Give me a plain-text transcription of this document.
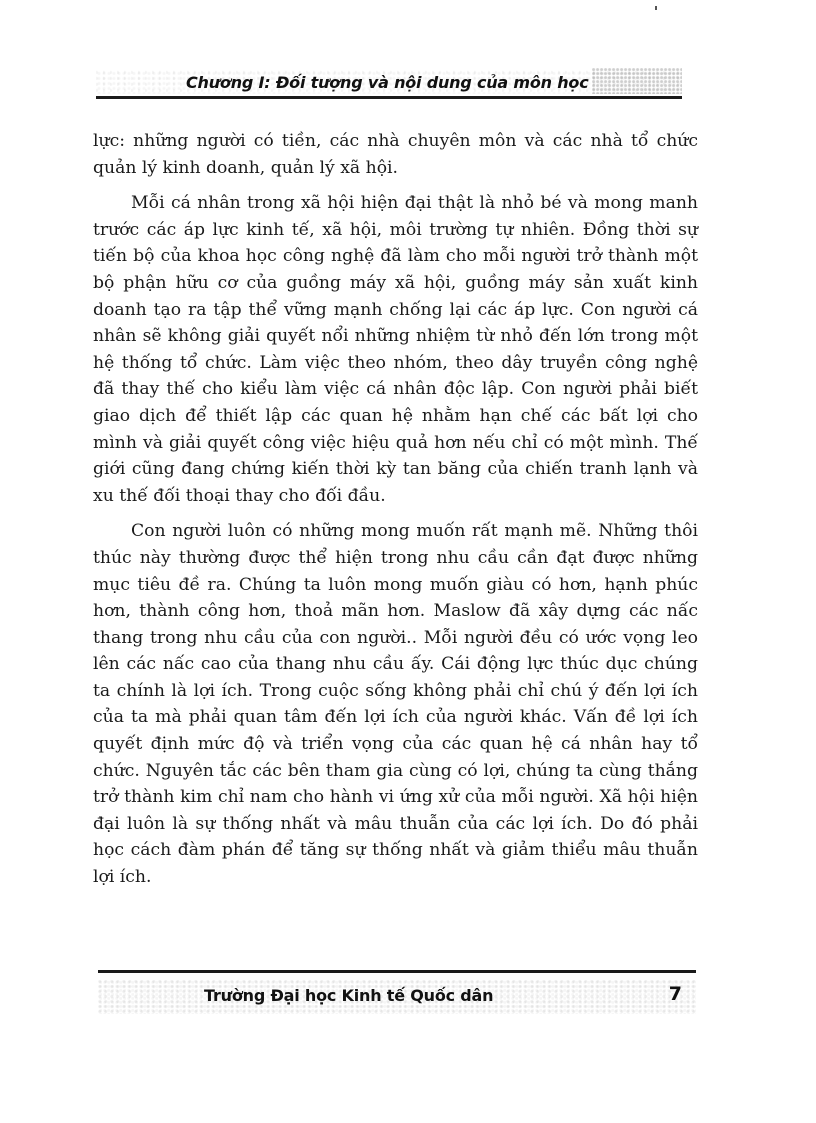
Chương I: Đối tượng và nội dung của môn học

lực: những người có tiền, các nhà chuyên môn và các nhà tổ chức quản lý kinh doanh, quản lý xã hội.

Mỗi cá nhân trong xã hội hiện đại thật là nhỏ bé và mong manh trước các áp lực kinh tế, xã hội, môi trường tự nhiên. Đồng thời sự tiến bộ của khoa học công nghệ đã làm cho mỗi người trở thành một bộ phận hữu cơ của guồng máy xã hội, guồng máy sản xuất kinh doanh tạo ra tập thể vững mạnh chống lại các áp lực. Con người cá nhân sẽ không giải quyết nổi những nhiệm từ nhỏ đến lớn trong một hệ thống tổ chức. Làm việc theo nhóm, theo dây truyền công nghệ đã thay thế cho kiểu làm việc cá nhân độc lập. Con người phải biết giao dịch để thiết lập các quan hệ nhằm hạn chế các bất lợi cho mình và giải quyết công việc hiệu quả hơn nếu chỉ có một mình. Thế giới cũng đang chứng kiến thời kỳ tan băng của chiến tranh lạnh và xu thế đối thoại thay cho đối đầu.

Con người luôn có những mong muốn rất mạnh mẽ. Những thôi thúc này thường được thể hiện trong nhu cầu cần đạt được những mục tiêu đề ra. Chúng ta luôn mong muốn giàu có hơn, hạnh phúc hơn, thành công hơn, thoả mãn hơn. Maslow đã xây dựng các nấc thang trong nhu cầu của con người.. Mỗi người đều có ước vọng leo lên các nấc cao của thang nhu cầu ấy. Cái động lực thúc dục chúng ta chính là lợi ích. Trong cuộc sống không phải chỉ chú ý đến lợi ích của ta mà phải quan tâm đến lợi ích của người khác. Vấn đề lợi ích quyết định mức độ và triển vọng của các quan hệ cá nhân hay tổ chức. Nguyên tắc các bên tham gia cùng có lợi, chúng ta cùng thắng trở thành kim chỉ nam cho hành vi ứng xử của mỗi người. Xã hội hiện đại luôn là sự thống nhất và mâu thuẫn của các lợi ích. Do đó phải học cách đàm phán để tăng sự thống nhất và giảm thiểu mâu thuẫn lợi ích.

Trường Đại học Kinh tế Quốc dân	7
